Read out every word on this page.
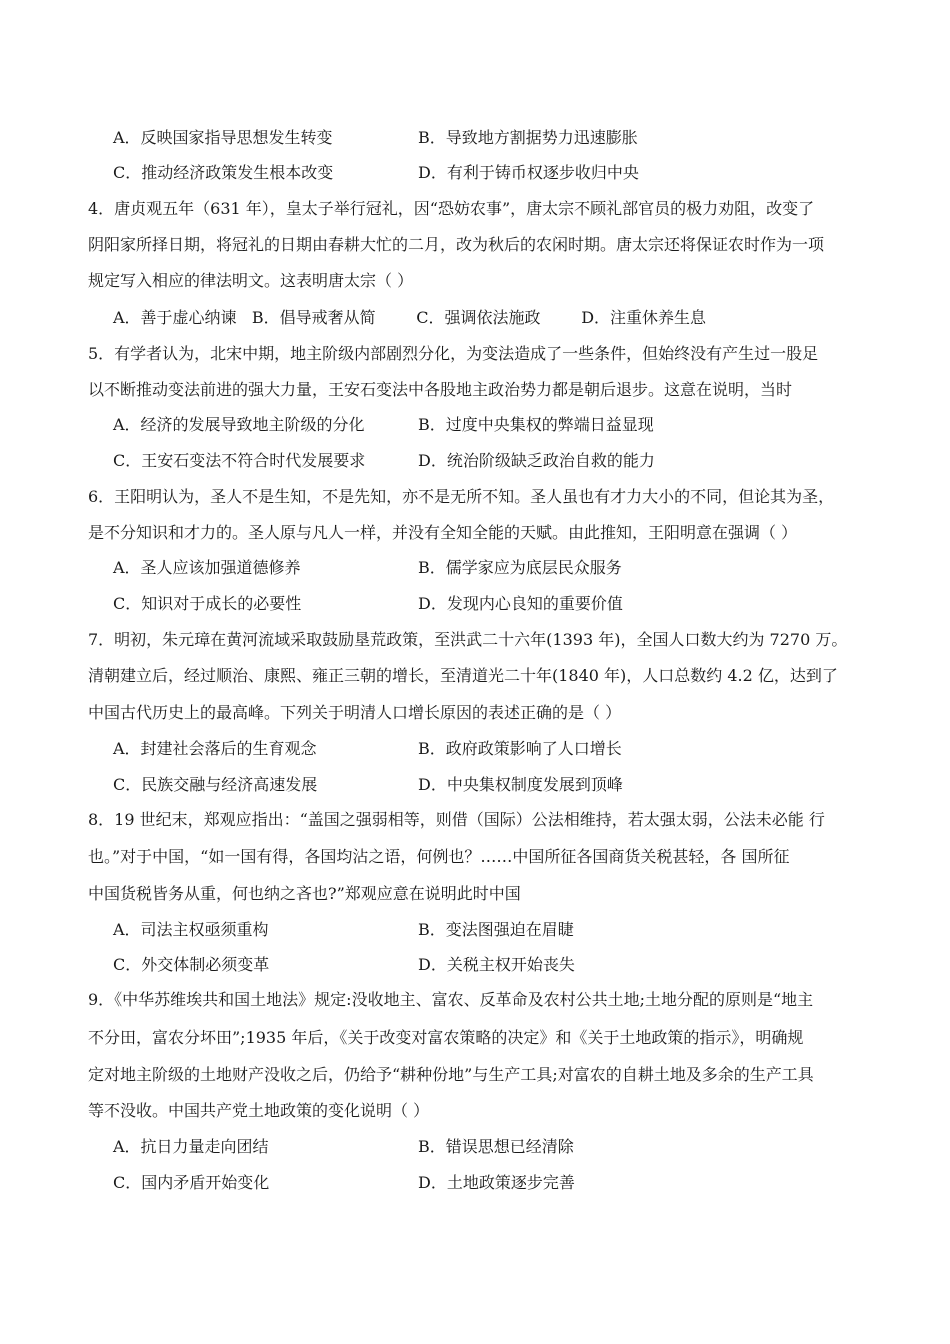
A．反映国家指导思想发生转变	B．导致地方割据势力迅速膨胀
C．推动经济政策发生根本改变	D．有利于铸币权逐步收归中央
4．唐贞观五年（631 年），皇太子举行冠礼，因“恐妨农事”，唐太宗不顾礼部官员的极力劝阻，改变了
阴阳家所择日期，将冠礼的日期由春耕大忙的二月，改为秋后的农闲时期。唐太宗还将保证农时作为一项
规定写入相应的律法明文。这表明唐太宗（ ）
A．善于虚心纳谏   B．倡导戒奢从简        C．强调依法施政        D．注重休养生息
5．有学者认为，北宋中期，地主阶级内部剧烈分化，为变法造成了一些条件，但始终没有产生过一股足
以不断推动变法前进的强大力量，王安石变法中各股地主政治势力都是朝后退步。这意在说明，当时
A．经济的发展导致地主阶级的分化	B．过度中央集权的弊端日益显现
C．王安石变法不符合时代发展要求	D．统治阶级缺乏政治自救的能力
6．王阳明认为，圣人不是生知，不是先知，亦不是无所不知。圣人虽也有才力大小的不同，但论其为圣，
是不分知识和才力的。圣人原与凡人一样，并没有全知全能的天赋。由此推知，王阳明意在强调（ ）
A．圣人应该加强道德修养	B．儒学家应为底层民众服务
C．知识对于成长的必要性	D．发现内心良知的重要价值
7．明初，朱元璋在黄河流域采取鼓励垦荒政策，至洪武二十六年(1393 年)，全国人口数大约为 7270 万。
清朝建立后，经过顺治、康熙、雍正三朝的增长，至清道光二十年(1840 年)，人口总数约 4.2 亿，达到了
中国古代历史上的最高峰。下列关于明清人口增长原因的表述正确的是（ ）
A．封建社会落后的生育观念	B．政府政策影响了人口增长
C．民族交融与经济高速发展	D．中央集权制度发展到顶峰
8．19 世纪末，郑观应指出：“盖国之强弱相等，则借（国际）公法相维持，若太强太弱，公法未必能 行
也。”对于中国，“如一国有得，各国均沾之语，何例也？……中国所征各国商货关税甚轻，各 国所征
中国货税皆务从重，何也纳之吝也?”郑观应意在说明此时中国
A．司法主权亟须重构	B．变法图强迫在眉睫
C．外交体制必须变革	D．关税主权开始丧失
9．《中华苏维埃共和国土地法》规定:没收地主、富农、反革命及农村公共土地;土地分配的原则是“地主
不分田，富农分坏田”;1935 年后，《关于改变对富农策略的决定》和《关于土地政策的指示》，明确规
定对地主阶级的土地财产没收之后，仍给予“耕种份地”与生产工具;对富农的自耕土地及多余的生产工具
等不没收。中国共产党土地政策的变化说明（ ）
A．抗日力量走向团结	B．错误思想已经清除
C．国内矛盾开始变化	D．土地政策逐步完善
